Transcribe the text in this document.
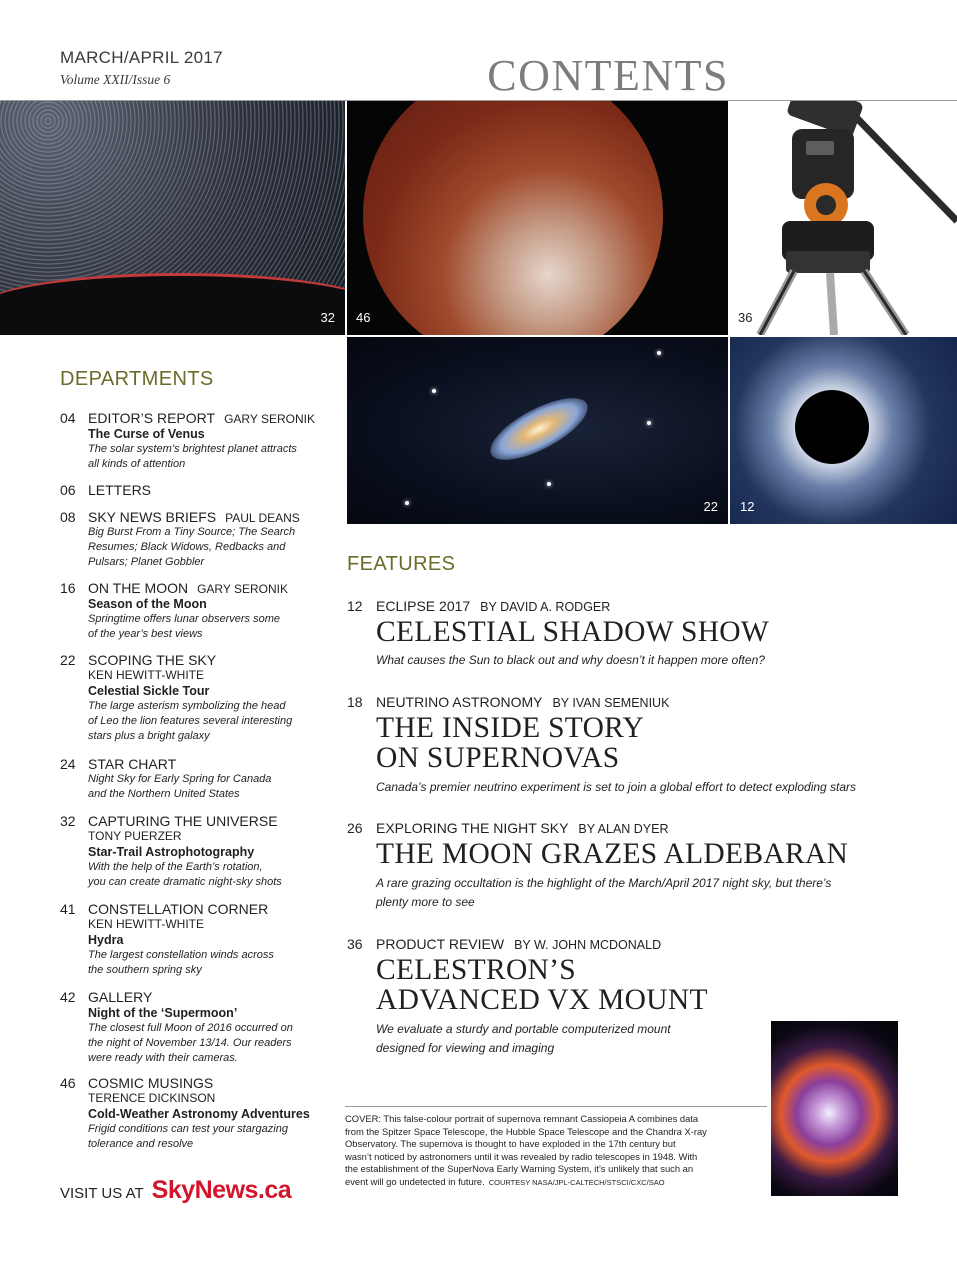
MARCH/APRIL 2017
Volume XXII/Issue 6	CONTENTS
32 46	36
22 12
DEPARTMENTS
04 EDITOR’S REPORT GARY SERONIK
The Curse of Venus
The solar system’s brightest planet attracts
all kinds of attention
06 LETTERS
08 SKY NEWS BRIEFS PAUL DEANS
Big Burst From a Tiny Source; The Search
Resumes; Black Widows, Redbacks and
Pulsars; Planet Gobbler
16 ON THE MOON GARY SERONIK
Season of the Moon
Springtime offers lunar observers some
of the year’s best views
22 SCOPING THE SKY
KEN HEWITT-WHITE
Celestial Sickle Tour
The large asterism symbolizing the head
of Leo the lion features several interesting
stars plus a bright galaxy
24 STAR CHART
Night Sky for Early Spring for Canada
and the Northern United States
32 CAPTURING THE UNIVERSE
TONY PUERZER
Star-Trail Astrophotography
With the help of the Earth’s rotation,
you can create dramatic night-sky shots
41 CONSTELLATION CORNER
KEN HEWITT-WHITE
Hydra
The largest constellation winds across
the southern spring sky
42 GALLERY
Night of the ‘Supermoon’
The closest full Moon of 2016 occurred on
the night of November 13/14. Our readers
were ready with their cameras.
46 COSMIC MUSINGS
TERENCE DICKINSON
Cold-Weather Astronomy Adventures
Frigid conditions can test your stargazing
tolerance and resolve
VISIT US AT SkyNews.ca
FEATURES
12 ECLIPSE 2017 BY DAVID A. RODGER
CELESTIAL SHADOW SHOW
What causes the Sun to black out and why doesn’t it happen more often?
18 NEUTRINO ASTRONOMY BY IVAN SEMENIUK
THE INSIDE STORY
ON SUPERNOVAS
Canada’s premier neutrino experiment is set to join a global effort to detect exploding stars
26 EXPLORING THE NIGHT SKY BY ALAN DYER
THE MOON GRAZES ALDEBARAN
A rare grazing occultation is the highlight of the March/April 2017 night sky, but there’s
plenty more to see
36 PRODUCT REVIEW BY W. JOHN MCDONALD
CELESTRON’S
ADVANCED VX MOUNT
We evaluate a sturdy and portable computerized mount
designed for viewing and imaging
COVER: This false-colour portrait of supernova remnant Cassiopeia A combines data
from the Spitzer Space Telescope, the Hubble Space Telescope and the Chandra X-ray
Observatory. The supernova is thought to have exploded in the 17th century but
wasn’t noticed by astronomers until it was revealed by radio telescopes in 1948. With
the establishment of the SuperNova Early Warning System, it’s unlikely that such an
event will go undetected in future. COURTESY NASA/JPL-CALTECH/STSCI/CXC/SAO
